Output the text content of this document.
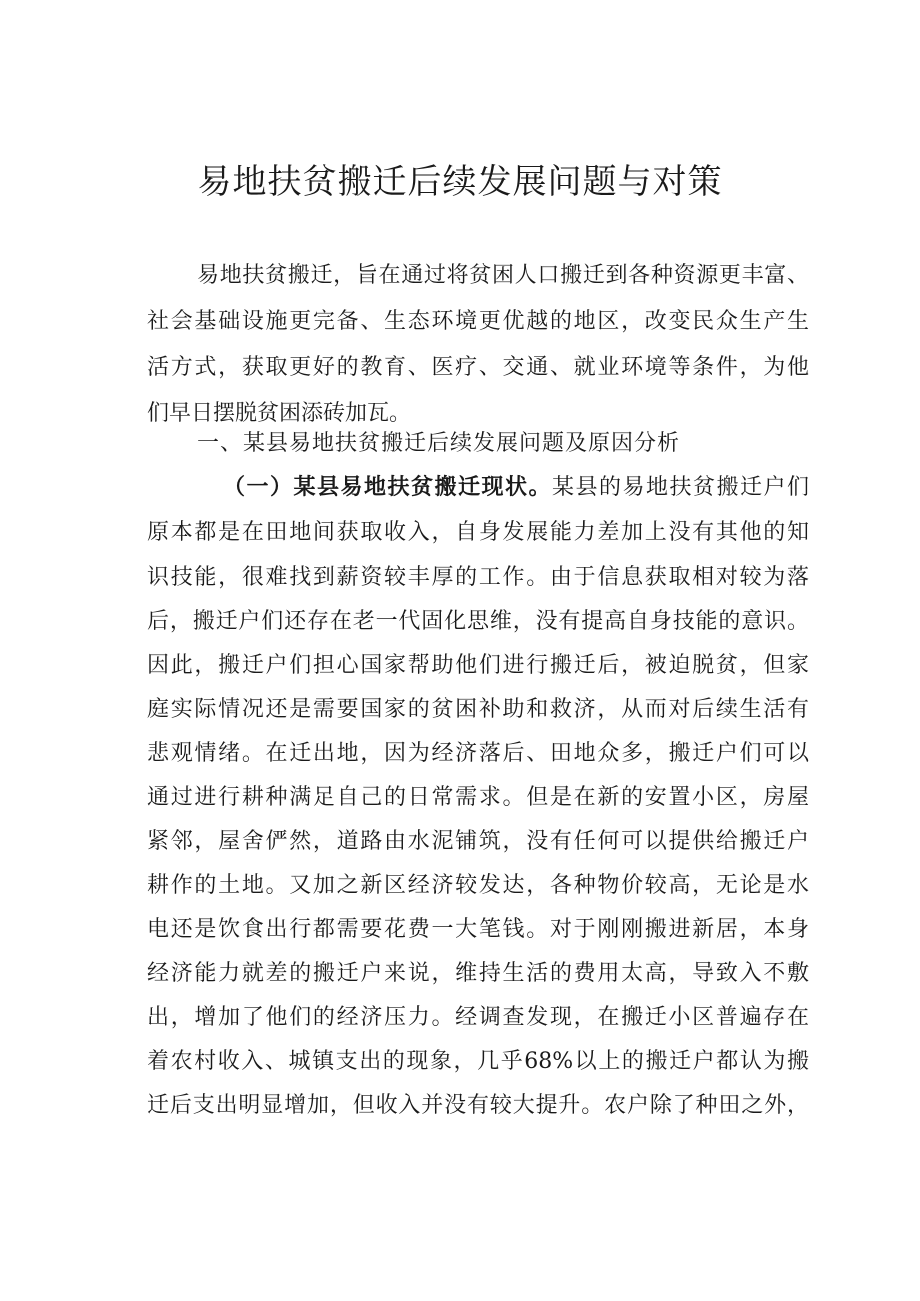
易地扶贫搬迁后续发展问题与对策
易地扶贫搬迁，旨在通过将贫困人口搬迁到各种资源更丰富、
社会基础设施更完备、生态环境更优越的地区，改变民众生产生
活方式，获取更好的教育、医疗、交通、就业环境等条件，为他
们早日摆脱贫困添砖加瓦。
一、某县易地扶贫搬迁后续发展问题及原因分析
（一）某县易地扶贫搬迁现状。某县的易地扶贫搬迁户们
原本都是在田地间获取收入，自身发展能力差加上没有其他的知
识技能，很难找到薪资较丰厚的工作。由于信息获取相对较为落
后，搬迁户们还存在老一代固化思维，没有提高自身技能的意识。
因此，搬迁户们担心国家帮助他们进行搬迁后，被迫脱贫，但家
庭实际情况还是需要国家的贫困补助和救济，从而对后续生活有
悲观情绪。在迁出地，因为经济落后、田地众多，搬迁户们可以
通过进行耕种满足自己的日常需求。但是在新的安置小区，房屋
紧邻，屋舍俨然，道路由水泥铺筑，没有任何可以提供给搬迁户
耕作的土地。又加之新区经济较发达，各种物价较高，无论是水
电还是饮食出行都需要花费一大笔钱。对于刚刚搬进新居，本身
经济能力就差的搬迁户来说，维持生活的费用太高，导致入不敷
出，增加了他们的经济压力。经调查发现，在搬迁小区普遍存在
着农村收入、城镇支出的现象，几乎68%以上的搬迁户都认为搬
迁后支出明显增加，但收入并没有较大提升。农户除了种田之外，
